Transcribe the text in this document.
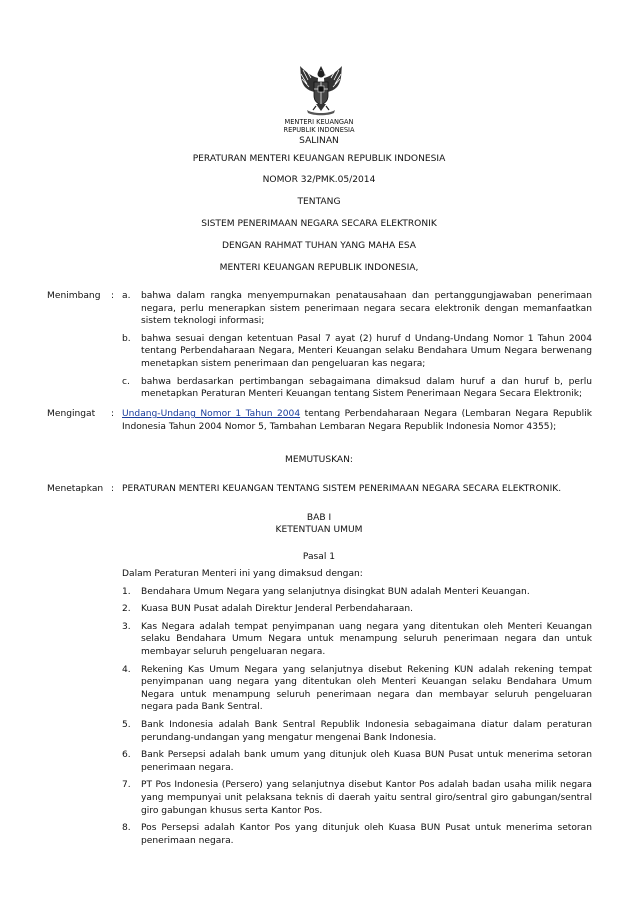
MENTERI KEUANGAN
REPUBLIK INDONESIA
SALINAN
PERATURAN MENTERI KEUANGAN REPUBLIK INDONESIA
NOMOR 32/PMK.05/2014
TENTANG
SISTEM PENERIMAAN NEGARA SECARA ELEKTRONIK
DENGAN RAHMAT TUHAN YANG MAHA ESA
MENTERI KEUANGAN REPUBLIK INDONESIA,
Menimbang : a. bahwa dalam rangka menyempurnakan penatausahaan dan pertanggungjawaban penerimaan negara, perlu menerapkan sistem penerimaan negara secara elektronik dengan memanfaatkan sistem teknologi informasi;
b. bahwa sesuai dengan ketentuan Pasal 7 ayat (2) huruf d Undang-Undang Nomor 1 Tahun 2004 tentang Perbendaharaan Negara, Menteri Keuangan selaku Bendahara Umum Negara berwenang menetapkan sistem penerimaan dan pengeluaran kas negara;
c. bahwa berdasarkan pertimbangan sebagaimana dimaksud dalam huruf a dan huruf b, perlu menetapkan Peraturan Menteri Keuangan tentang Sistem Penerimaan Negara Secara Elektronik;
Mengingat : Undang-Undang Nomor 1 Tahun 2004 tentang Perbendaharaan Negara (Lembaran Negara Republik Indonesia Tahun 2004 Nomor 5, Tambahan Lembaran Negara Republik Indonesia Nomor 4355);
MEMUTUSKAN:
Menetapkan : PERATURAN MENTERI KEUANGAN TENTANG SISTEM PENERIMAAN NEGARA SECARA ELEKTRONIK.
BAB I
KETENTUAN UMUM
Pasal 1
Dalam Peraturan Menteri ini yang dimaksud dengan:
1. Bendahara Umum Negara yang selanjutnya disingkat BUN adalah Menteri Keuangan.
2. Kuasa BUN Pusat adalah Direktur Jenderal Perbendaharaan.
3. Kas Negara adalah tempat penyimpanan uang negara yang ditentukan oleh Menteri Keuangan selaku Bendahara Umum Negara untuk menampung seluruh penerimaan negara dan untuk membayar seluruh pengeluaran negara.
4. Rekening Kas Umum Negara yang selanjutnya disebut Rekening KUN adalah rekening tempat penyimpanan uang negara yang ditentukan oleh Menteri Keuangan selaku Bendahara Umum Negara untuk menampung seluruh penerimaan negara dan membayar seluruh pengeluaran negara pada Bank Sentral.
5. Bank Indonesia adalah Bank Sentral Republik Indonesia sebagaimana diatur dalam peraturan perundang-undangan yang mengatur mengenai Bank Indonesia.
6. Bank Persepsi adalah bank umum yang ditunjuk oleh Kuasa BUN Pusat untuk menerima setoran penerimaan negara.
7. PT Pos Indonesia (Persero) yang selanjutnya disebut Kantor Pos adalah badan usaha milik negara yang mempunyai unit pelaksana teknis di daerah yaitu sentral giro/sentral giro gabungan/sentral giro gabungan khusus serta Kantor Pos.
8. Pos Persepsi adalah Kantor Pos yang ditunjuk oleh Kuasa BUN Pusat untuk menerima setoran penerimaan negara.
